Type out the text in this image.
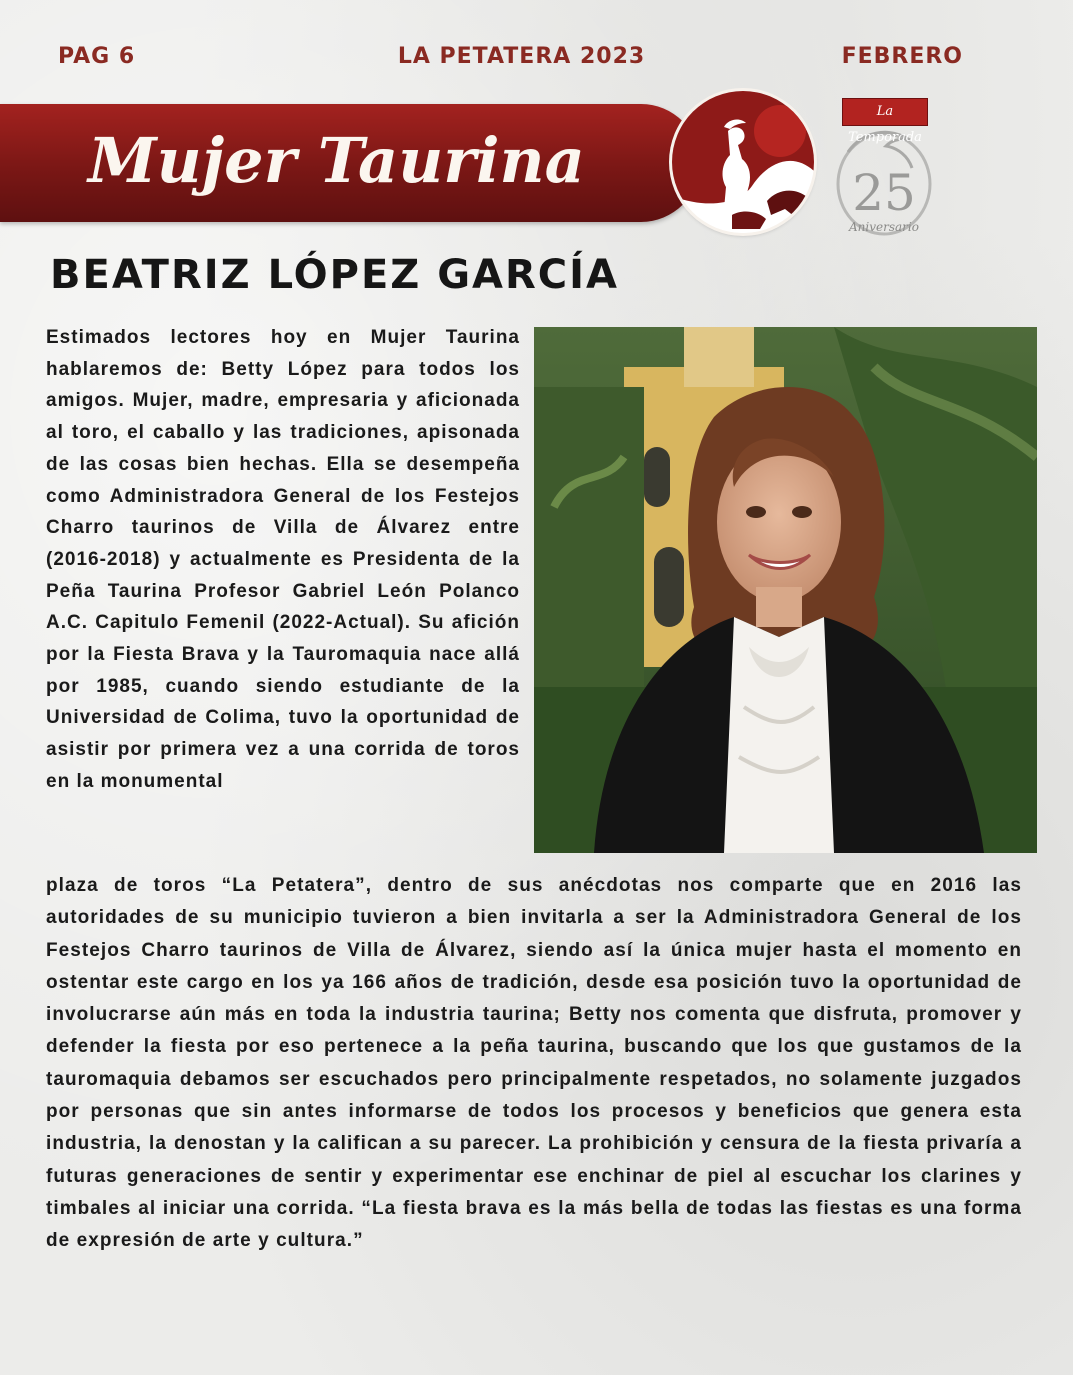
PAG 6	LA PETATERA 2023	FEBRERO
Mujer Taurina	25
Aniversario
La Temporada
BEATRIZ LÓPEZ GARCÍA

Estimados lectores hoy en Mujer Taurina hablaremos de: Betty López para todos los amigos. Mujer, madre, empresaria y aficionada al toro, el caballo y las tradiciones, apisonada de las cosas bien hechas. Ella se desempeña como Administradora General de los Festejos Charro taurinos de Villa de Álvarez entre (2016-2018) y actualmente es Presidenta de la Peña Taurina Profesor Gabriel León Polanco A.C. Capitulo Femenil (2022-Actual). Su afición por la Fiesta Brava y la Tauromaquia nace allá por 1985, cuando siendo estudiante de la Universidad de Colima, tuvo la oportunidad de asistir por primera vez a una corrida de toros en la monumental

plaza de toros “La Petatera”, dentro de sus anécdotas nos comparte que en 2016 las autoridades de su municipio tuvieron a bien invitarla a ser la Administradora General de los Festejos Charro taurinos de Villa de Álvarez, siendo así la única mujer hasta el momento en ostentar este cargo en los ya 166 años de tradición, desde esa posición tuvo la oportunidad de involucrarse aún más en toda la industria taurina; Betty nos comenta que disfruta, promover y defender la fiesta por eso pertenece a la peña taurina, buscando que los que gustamos de la tauromaquia debamos ser escuchados pero principalmente respetados, no solamente juzgados por personas que sin antes informarse de todos los procesos y beneficios que genera esta industria, la denostan y la califican a su parecer. La prohibición y censura de la fiesta privaría a futuras generaciones de sentir y experimentar ese enchinar de piel al escuchar los clarines y timbales al iniciar una corrida. “La fiesta brava es la más bella de todas las fiestas es una forma de expresión de arte y cultura.”
